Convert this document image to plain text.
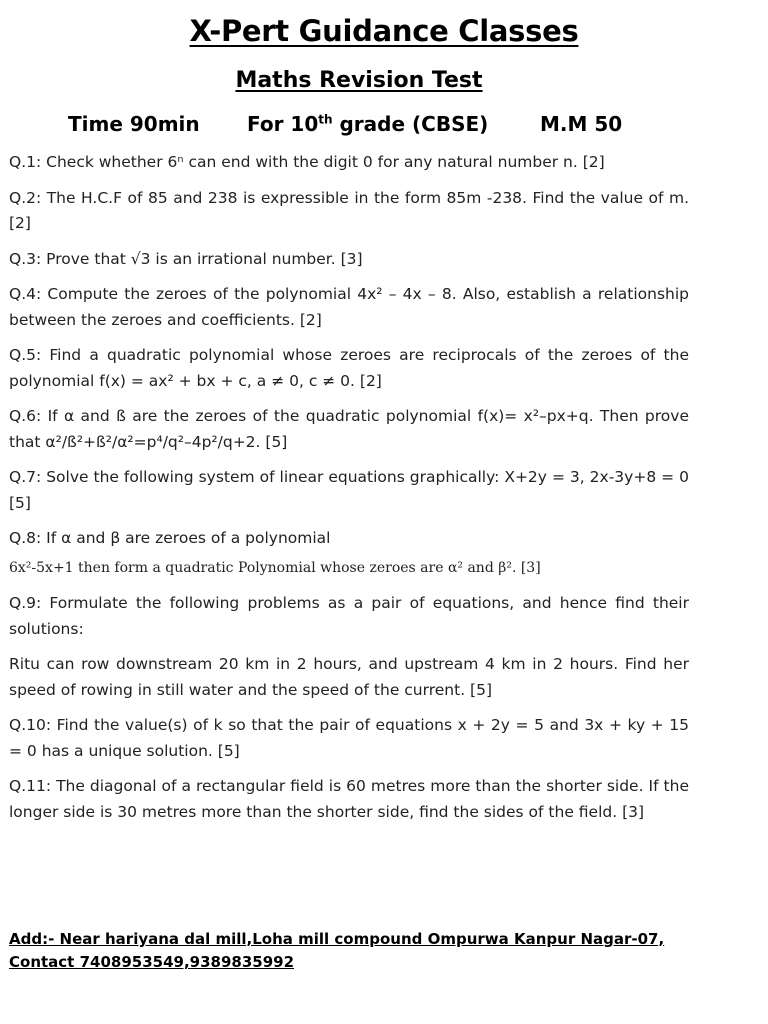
X-Pert Guidance Classes
Maths Revision Test
Time 90min For 10th grade (CBSE)	M.M 50

Q.1: Check whether 6ⁿ can end with the digit 0 for any natural number n. [2]

Q.2: The H.C.F of 85 and 238 is expressible in the form 85m -238. Find the value of m. [2]

Q.3: Prove that √3 is an irrational number. [3]

Q.4: Compute the zeroes of the polynomial 4x² – 4x – 8. Also, establish a relationship between the zeroes and coefficients. [2]

Q.5: Find a quadratic polynomial whose zeroes are reciprocals of the zeroes of the polynomial f(x) = ax² + bx + c, a ≠ 0, c ≠ 0. [2]

Q.6: If α and ß are the zeroes of the quadratic polynomial f(x)= x²–px+q. Then prove that α²/ß²+ß²/α²=p⁴/q²–4p²/q+2. [5]

Q.7: Solve the following system of linear equations graphically: X+2y = 3, 2x-3y+8 = 0 [5]

Q.8: If α and β are zeroes of a polynomial

6x²-5x+1 then form a quadratic Polynomial whose zeroes are α² and β². [3]

Q.9: Formulate the following problems as a pair of equations, and hence find their solutions:

Ritu can row downstream 20 km in 2 hours, and upstream 4 km in 2 hours. Find her speed of rowing in still water and the speed of the current. [5]

Q.10: Find the value(s) of k so that the pair of equations x + 2y = 5 and 3x + ky + 15 = 0 has a unique solution. [5]

Q.11: The diagonal of a rectangular field is 60 metres more than the shorter side. If the longer side is 30 metres more than the shorter side, find the sides of the field. [3]

Add:- Near hariyana dal mill,Loha mill compound Ompurwa Kanpur Nagar-07, Contact 7408953549,9389835992
